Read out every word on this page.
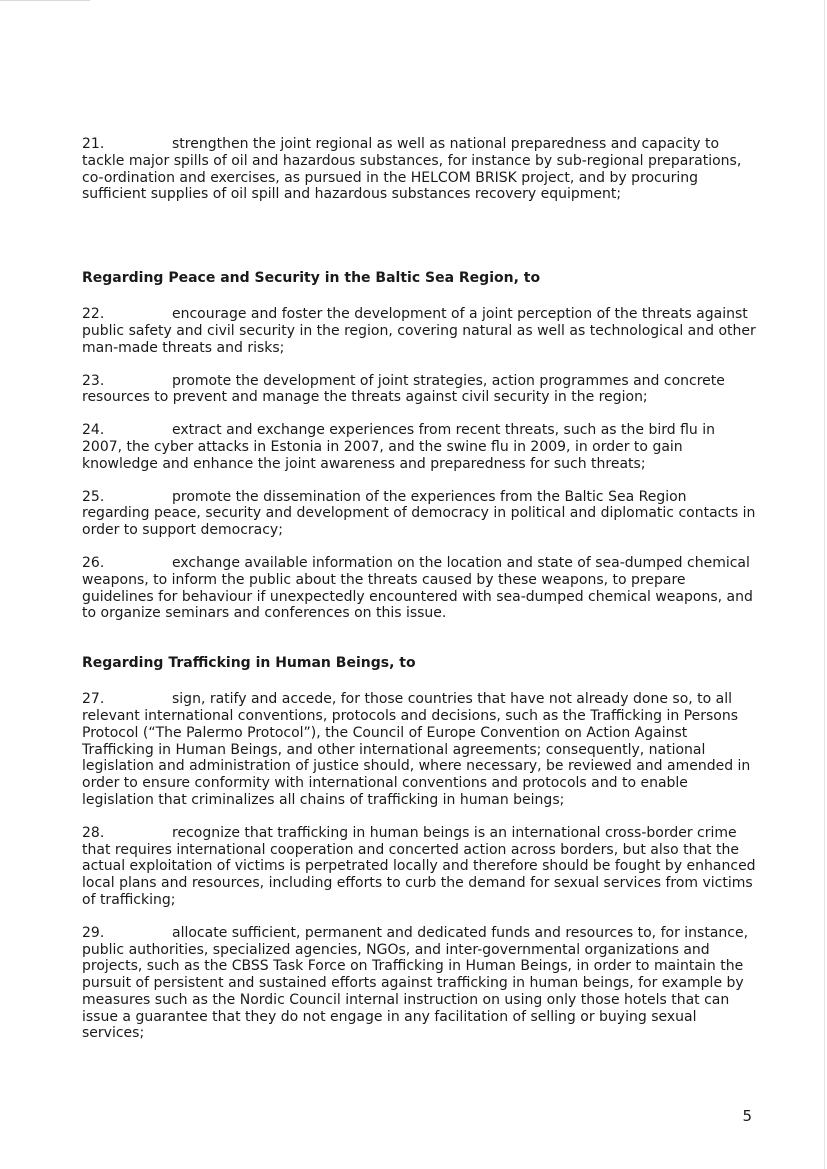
21.	strengthen the joint regional as well as national preparedness and capacity to tackle major spills of oil and hazardous substances, for instance by sub-regional preparations, co-ordination and exercises, as pursued in the HELCOM BRISK project, and by procuring sufficient supplies of oil spill and hazardous substances recovery equipment;

Regarding Peace and Security in the Baltic Sea Region, to

22.	encourage and foster the development of a joint perception of the threats against public safety and civil security in the region, covering natural as well as technological and other man-made threats and risks;

23.	promote the development of joint strategies, action programmes and concrete resources to prevent and manage the threats against civil security in the region;

24.	extract and exchange experiences from recent threats, such as the bird flu in 2007, the cyber attacks in Estonia in 2007, and the swine flu in 2009, in order to gain knowledge and enhance the joint awareness and preparedness for such threats;

25.	promote the dissemination of the experiences from the Baltic Sea Region regarding peace, security and development of democracy in political and diplomatic contacts in order to support democracy;

26.	exchange available information on the location and state of sea-dumped chemical weapons, to inform the public about the threats caused by these weapons, to prepare guidelines for behaviour if unexpectedly encountered with sea-dumped chemical weapons, and to organize seminars and conferences on this issue.

Regarding Trafficking in Human Beings, to

27.	sign, ratify and accede, for those countries that have not already done so, to all relevant international conventions, protocols and decisions, such as the Trafficking in Persons Protocol (“The Palermo Protocol”), the Council of Europe Convention on Action Against Trafficking in Human Beings, and other international agreements; consequently, national legislation and administration of justice should, where necessary, be reviewed and amended in order to ensure conformity with international conventions and protocols and to enable legislation that criminalizes all chains of trafficking in human beings;

28.	recognize that trafficking in human beings is an international cross-border crime that requires international cooperation and concerted action across borders, but also that the actual exploitation of victims is perpetrated locally and therefore should be fought by enhanced local plans and resources, including efforts to curb the demand for sexual services from victims of trafficking;

29.	allocate sufficient, permanent and dedicated funds and resources to, for instance, public authorities, specialized agencies, NGOs, and inter-governmental organizations and projects, such as the CBSS Task Force on Trafficking in Human Beings, in order to maintain the pursuit of persistent and sustained efforts against trafficking in human beings, for example by measures such as the Nordic Council internal instruction on using only those hotels that can issue a guarantee that they do not engage in any facilitation of selling or buying sexual services;

5
